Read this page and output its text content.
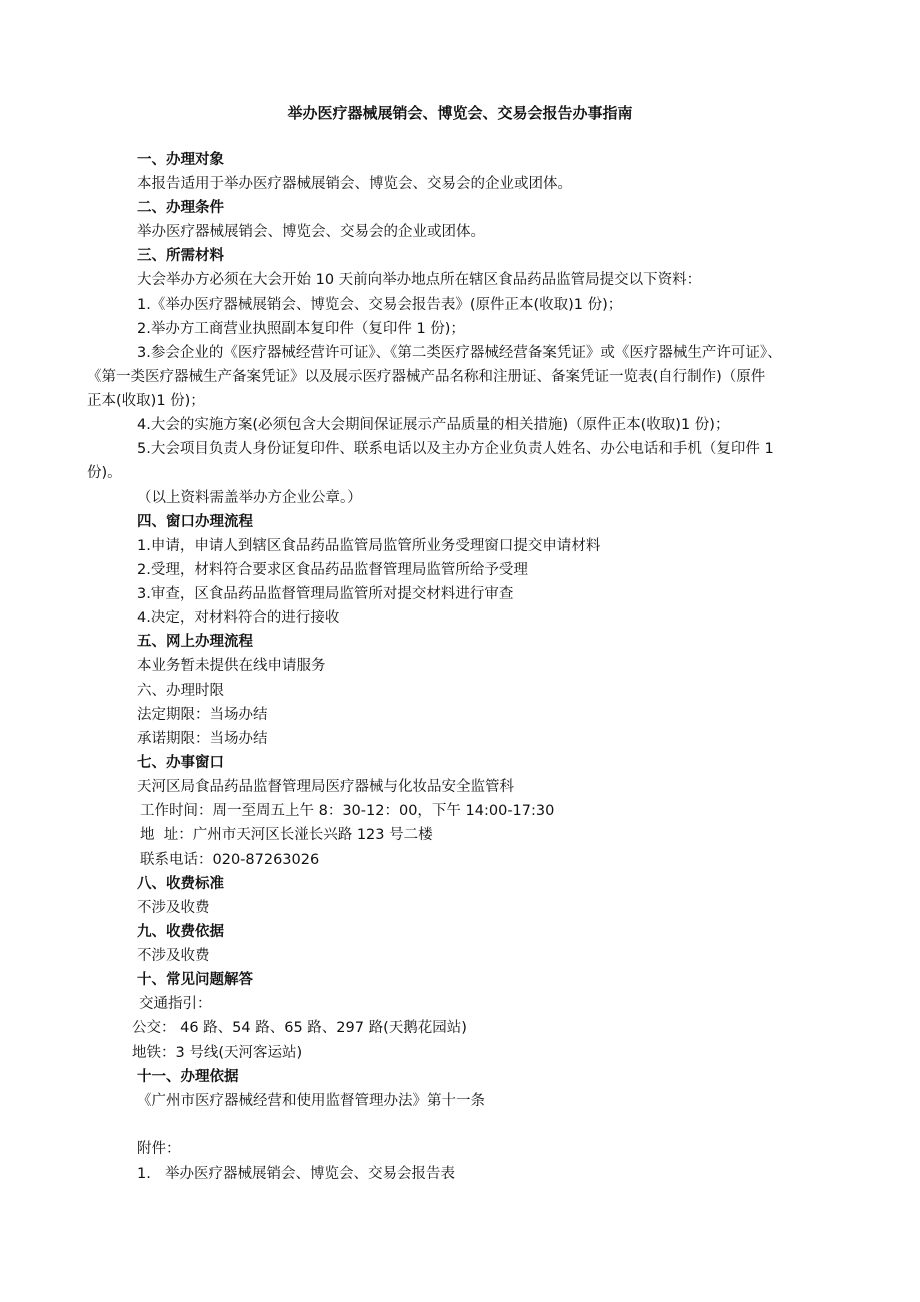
举办医疗器械展销会、博览会、交易会报告办事指南
一、办理对象
本报告适用于举办医疗器械展销会、博览会、交易会的企业或团体。
二、办理条件
举办医疗器械展销会、博览会、交易会的企业或团体。
三、所需材料
大会举办方必须在大会开始 10 天前向举办地点所在辖区食品药品监管局提交以下资料：
1.《举办医疗器械展销会、博览会、交易会报告表》(原件正本(收取)1 份)；
2.举办方工商营业执照副本复印件（复印件 1 份)；
3.参会企业的《医疗器械经营许可证》、《第二类医疗器械经营备案凭证》或《医疗器械生产许可证》、
《第一类医疗器械生产备案凭证》以及展示医疗器械产品名称和注册证、备案凭证一览表(自行制作)（原件
正本(收取)1 份)；
4.大会的实施方案(必须包含大会期间保证展示产品质量的相关措施)（原件正本(收取)1 份)；
5.大会项目负责人身份证复印件、联系电话以及主办方企业负责人姓名、办公电话和手机（复印件 1
份)。
（以上资料需盖举办方企业公章。）
四、窗口办理流程
1.申请，申请人到辖区食品药品监管局监管所业务受理窗口提交申请材料
2.受理，材料符合要求区食品药品监督管理局监管所给予受理
3.审查，区食品药品监督管理局监管所对提交材料进行审查
4.决定，对材料符合的进行接收
五、网上办理流程
本业务暂未提供在线申请服务
六、办理时限
法定期限：当场办结
承诺期限：当场办结
七、办事窗口
天河区局食品药品监督管理局医疗器械与化妆品安全监管科
工作时间：周一至周五上午 8：30-12：00，下午 14:00-17:30
地  址：广州市天河区长湴长兴路 123 号二楼
联系电话：020-87263026
八、收费标准
不涉及收费
九、收费依据
不涉及收费
十、常见问题解答
交通指引：
公交： 46 路、54 路、65 路、297 路(天鹅花园站)
地铁：3 号线(天河客运站)
十一、办理依据
《广州市医疗器械经营和使用监督管理办法》第十一条
附件：
1. 举办医疗器械展销会、博览会、交易会报告表
